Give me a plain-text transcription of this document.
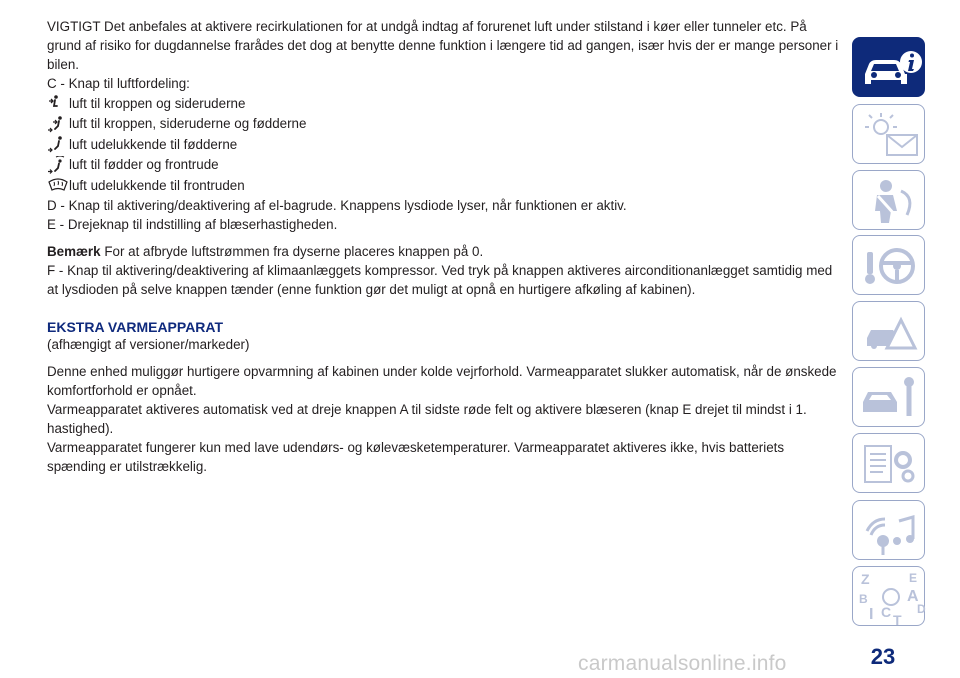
VIGTIGT Det anbefales at aktivere recirkulationen for at undgå indtag af forurenet luft under stilstand i køer eller tunneler etc. På grund af risiko for dugdannelse frarådes det dog at benytte denne funktion i længere tid ad gangen, især hvis der er mange personer i bilen.

C - Knap til luftfordeling:

luft til kroppen og sideruderne
luft til kroppen, sideruderne og fødderne
luft udelukkende til fødderne
luft til fødder og frontrude
luft udelukkende til frontruden

D - Knap til aktivering/deaktivering af el-bagrude. Knappens lysdiode lyser, når funktionen er aktiv.

E - Drejeknap til indstilling af blæserhastigheden.

Bemærk For at afbryde luftstrømmen fra dyserne placeres knappen på 0.

F - Knap til aktivering/deaktivering af klimaanlæggets kompressor. Ved tryk på knappen aktiveres airconditionanlægget samtidig med at lysdioden på selve knappen tænder (enne funktion gør det muligt at opnå en hurtigere afkøling af kabinen).

EKSTRA VARMEAPPARAT

(afhængigt af versioner/markeder)

Denne enhed muliggør hurtigere opvarmning af kabinen under kolde vejrforhold. Varmeapparatet slukker automatisk, når de ønskede komfortforhold er opnået.

Varmeapparatet aktiveres automatisk ved at dreje knappen A til sidste røde felt og aktivere blæseren (knap E drejet til mindst i 1. hastighed).

Varmeapparatet fungerer kun med lave udendørs- og kølevæsketemperaturer. Varmeapparatet aktiveres ikke, hvis batteriets spænding er utilstrækkelig.

Z	E
B A
I C D
T
23
carmanualsonline.info
